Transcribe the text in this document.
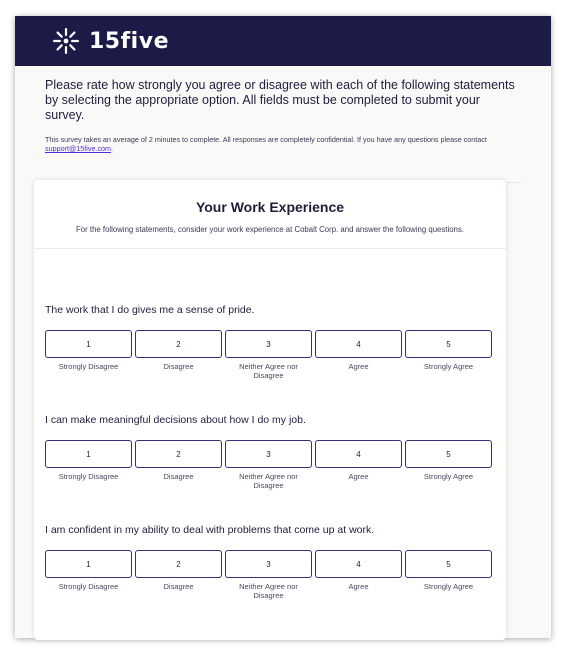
15five

Please rate how strongly you agree or disagree with each of the following statements by selecting the appropriate option. All fields must be completed to submit your survey.

This survey takes an average of 2 minutes to complete. All responses are completely confidential. If you have any questions please contact support@15five.com.

Your Work Experience
For the following statements, consider your work experience at Cobalt Corp. and answer the following questions.
The work that I do gives me a sense of pride.
1
Strongly Disagree
2
Disagree
3
Neither Agree nor Disagree
4
Agree
5
Strongly Agree
I can make meaningful decisions about how I do my job.
1
Strongly Disagree
2
Disagree
3
Neither Agree nor Disagree
4
Agree
5
Strongly Agree
I am confident in my ability to deal with problems that come up at work.
1
Strongly Disagree
2
Disagree
3
Neither Agree nor Disagree
4
Agree
5
Strongly Agree
